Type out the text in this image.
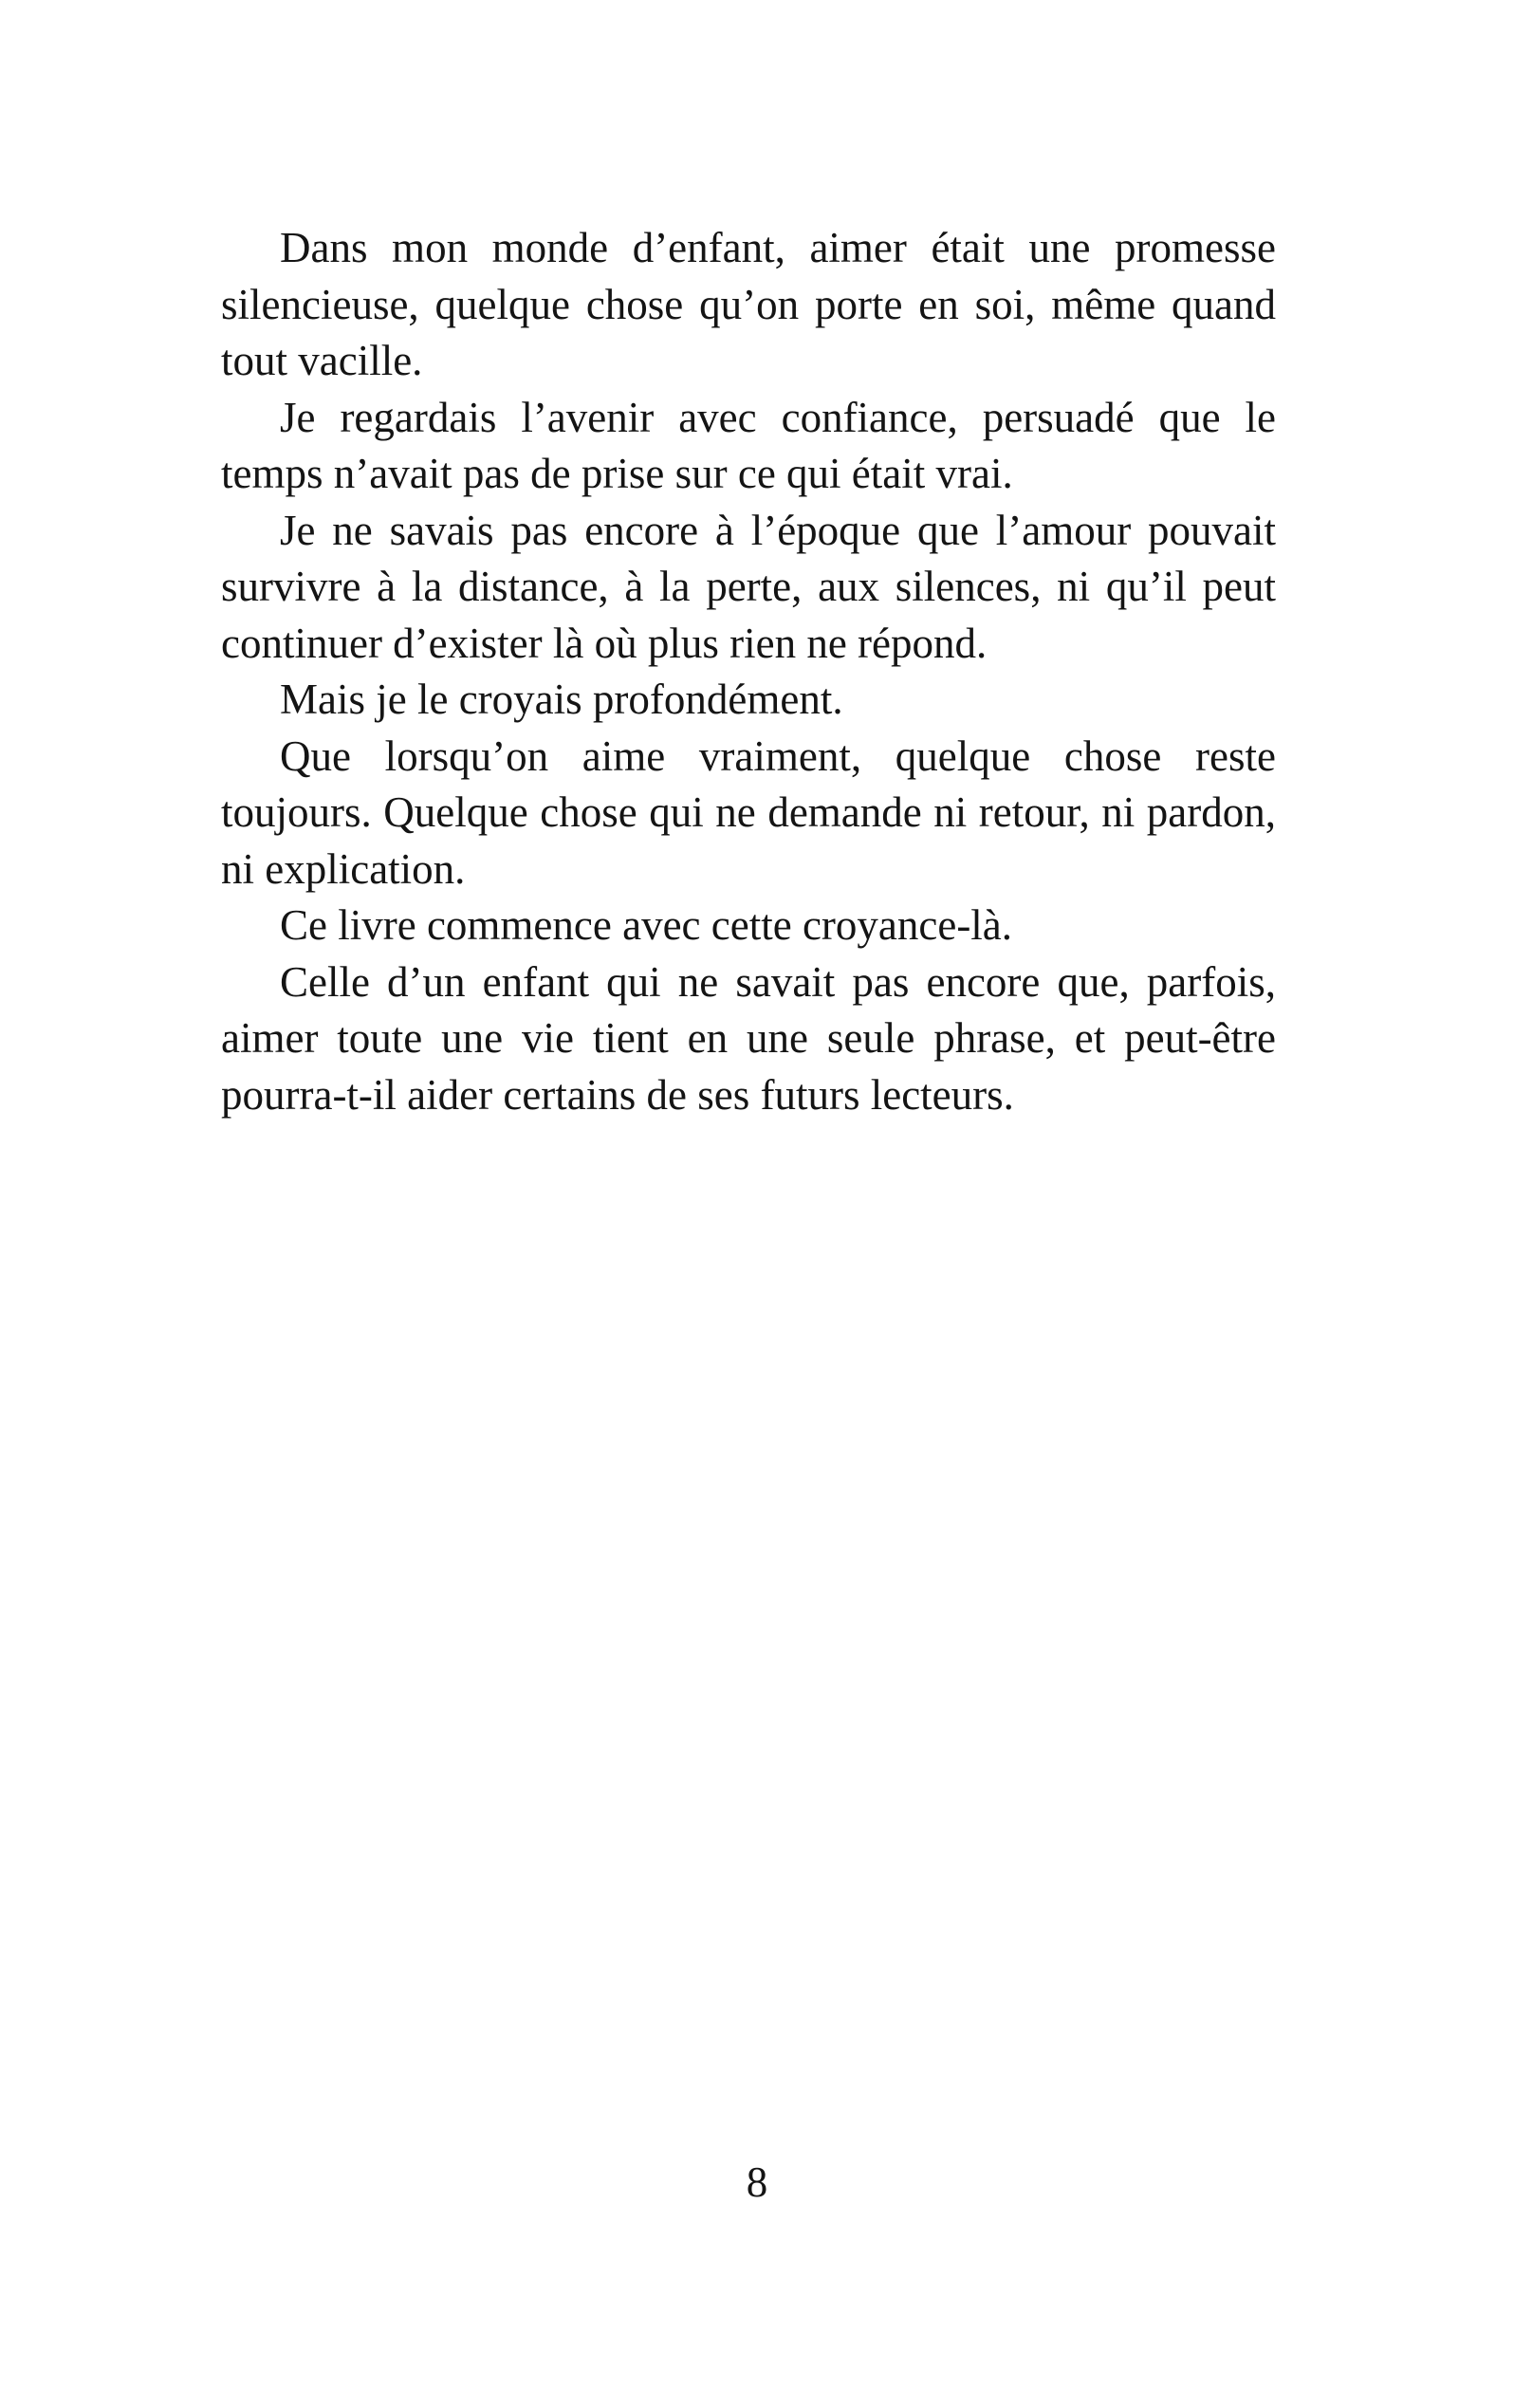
Dans mon monde d’enfant, aimer était une promesse silencieuse, quelque chose qu’on porte en soi, même quand tout vacille.

Je regardais l’avenir avec confiance, persuadé que le temps n’avait pas de prise sur ce qui était vrai.

Je ne savais pas encore à l’époque que l’amour pouvait survivre à la distance, à la perte, aux silences, ni qu’il peut continuer d’exister là où plus rien ne répond.

Mais je le croyais profondément.

Que lorsqu’on aime vraiment, quelque chose reste toujours. Quelque chose qui ne demande ni retour, ni pardon, ni explication.

Ce livre commence avec cette croyance-là.

Celle d’un enfant qui ne savait pas encore que, parfois, aimer toute une vie tient en une seule phrase, et peut-être pourra-t-il aider certains de ses futurs lecteurs.

8
